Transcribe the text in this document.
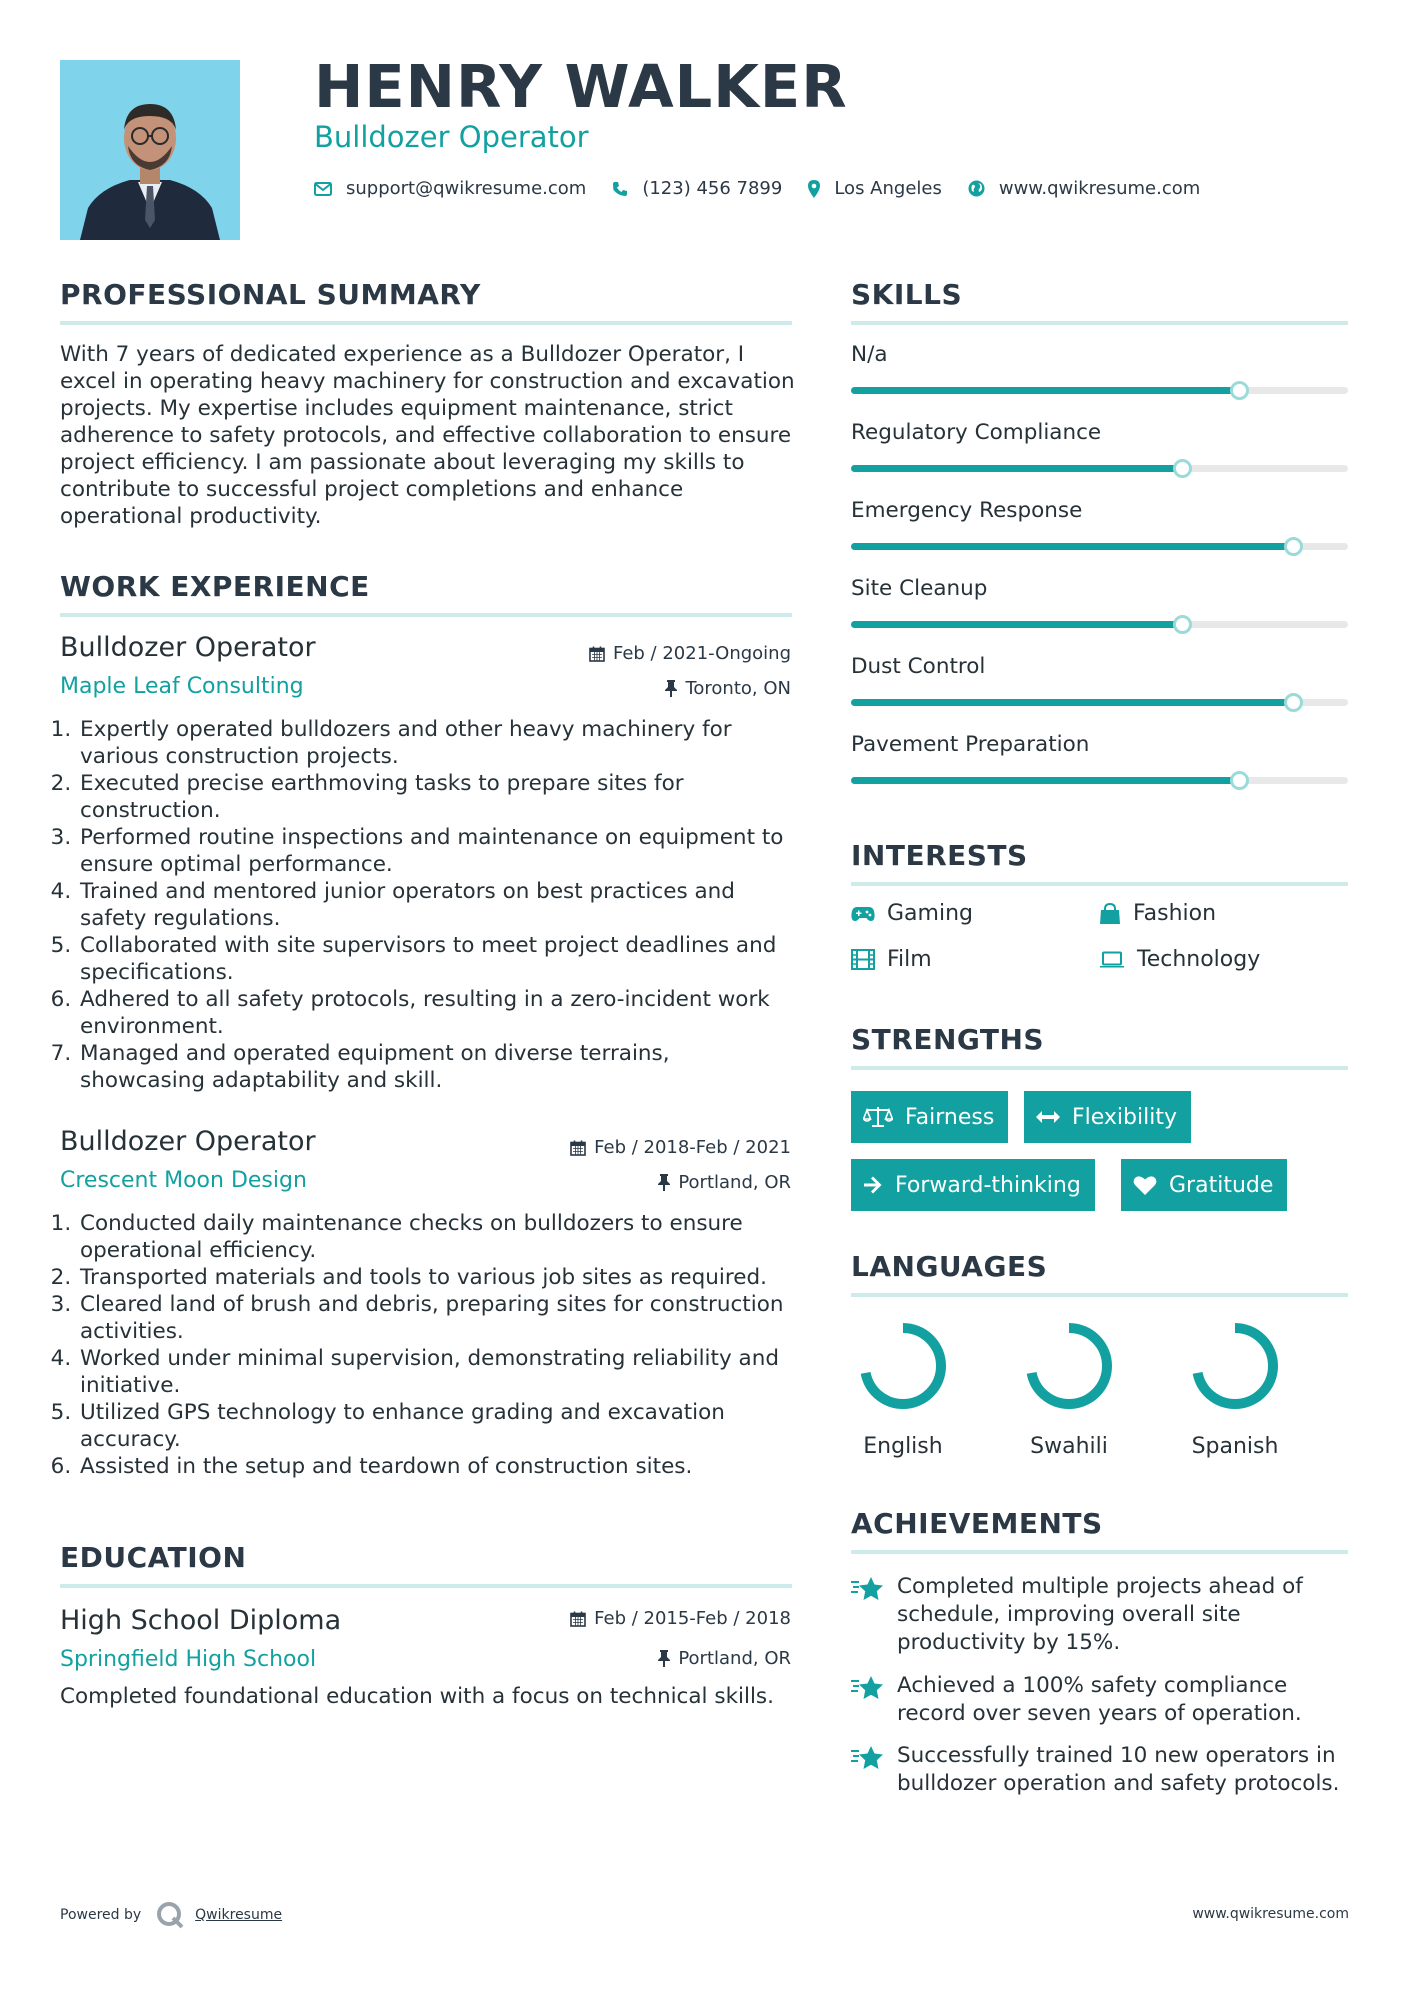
HENRY WALKER
Bulldozer Operator
support@qwikresume.com	(123) 456 7899	Los Angeles	www.qwikresume.com
PROFESSIONAL SUMMARY
With 7 years of dedicated experience as a Bulldozer Operator, I excel in operating heavy machinery for construction and excavation projects. My expertise includes equipment maintenance, strict adherence to safety protocols, and effective collaboration to ensure project efficiency. I am passionate about leveraging my skills to contribute to successful project completions and enhance operational productivity.
WORK EXPERIENCE
Bulldozer Operator	Feb / 2021-Ongoing
Maple Leaf Consulting	Toronto, ON
1. Expertly operated bulldozers and other heavy machinery for various construction projects.
2. Executed precise earthmoving tasks to prepare sites for construction.
3. Performed routine inspections and maintenance on equipment to ensure optimal performance.
4. Trained and mentored junior operators on best practices and safety regulations.
5. Collaborated with site supervisors to meet project deadlines and specifications.
6. Adhered to all safety protocols, resulting in a zero-incident work environment.
7. Managed and operated equipment on diverse terrains, showcasing adaptability and skill.
Bulldozer Operator	Feb / 2018-Feb / 2021
Crescent Moon Design	Portland, OR
1. Conducted daily maintenance checks on bulldozers to ensure operational efficiency.
2. Transported materials and tools to various job sites as required.
3. Cleared land of brush and debris, preparing sites for construction activities.
4. Worked under minimal supervision, demonstrating reliability and initiative.
5. Utilized GPS technology to enhance grading and excavation accuracy.
6. Assisted in the setup and teardown of construction sites.
EDUCATION
High School Diploma	Feb / 2015-Feb / 2018
Springfield High School	Portland, OR
Completed foundational education with a focus on technical skills.
SKILLS
N/a
Regulatory Compliance
Emergency Response
Site Cleanup
Dust Control
Pavement Preparation
INTERESTS
Gaming	Fashion
Film	Technology
STRENGTHS
Fairness	Flexibility
Forward-thinking	Gratitude
LANGUAGES
English	Swahili	Spanish
ACHIEVEMENTS
Completed multiple projects ahead of schedule, improving overall site productivity by 15%.
Achieved a 100% safety compliance record over seven years of operation.
Successfully trained 10 new operators in bulldozer operation and safety protocols.
Powered by	Qwikresume	www.qwikresume.com
